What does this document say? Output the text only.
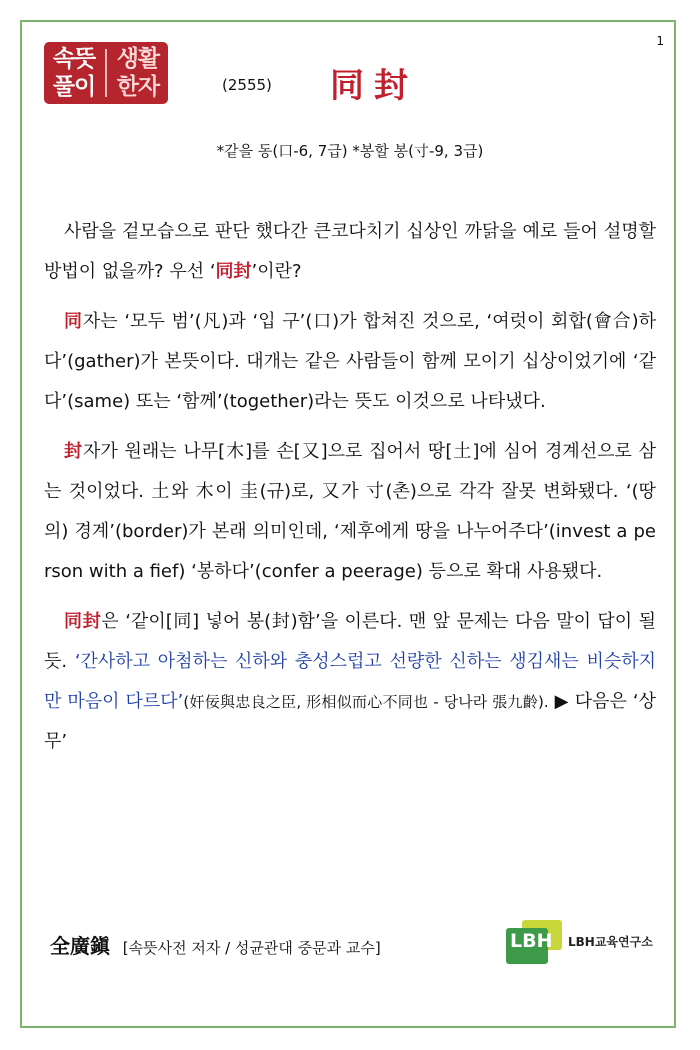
1
속뜻
풀이
생활
한자	(2555) 同封
*같을 동(口-6, 7급) *봉할 봉(寸-9, 3급)

사람을 겉모습으로 판단 했다간 큰코다치기 십상인 까닭을 예로 들어 설명할 방법이 없을까? 우선 ‘同封’이란?

同자는 ‘모두 범’(凡)과 ‘입 구’(口)가 합쳐진 것으로, ‘여럿이 회합(會合)하다’(gather)가 본뜻이다. 대개는 같은 사람들이 함께 모이기 십상이었기에 ‘같다’(same) 또는 ‘함께’(together)라는 뜻도 이것으로 나타냈다.

封자가 원래는 나무[木]를 손[又]으로 집어서 땅[土]에 심어 경계선으로 삼는 것이었다. 土와 木이 圭(규)로, 又가 寸(촌)으로 각각 잘못 변화됐다. ‘(땅의) 경계’(border)가 본래 의미인데, ‘제후에게 땅을 나누어주다’(invest a person with a fief) ‘봉하다’(confer a peerage) 등으로 확대 사용됐다.

同封은 ‘같이[同] 넣어 봉(封)함’을 이른다. 맨 앞 문제는 다음 말이 답이 될 듯. ‘간사하고 아첨하는 신하와 충성스럽고 선량한 신하는 생김새는 비슷하지만 마음이 다르다’(奸佞與忠良之臣, 形相似而心不同也 - 당나라 張九齡). ▶ 다음은 ‘상무’

全廣鎭 [속뜻사전 저자 / 성균관대 중문과 교수]	LBH LBH교육연구소
